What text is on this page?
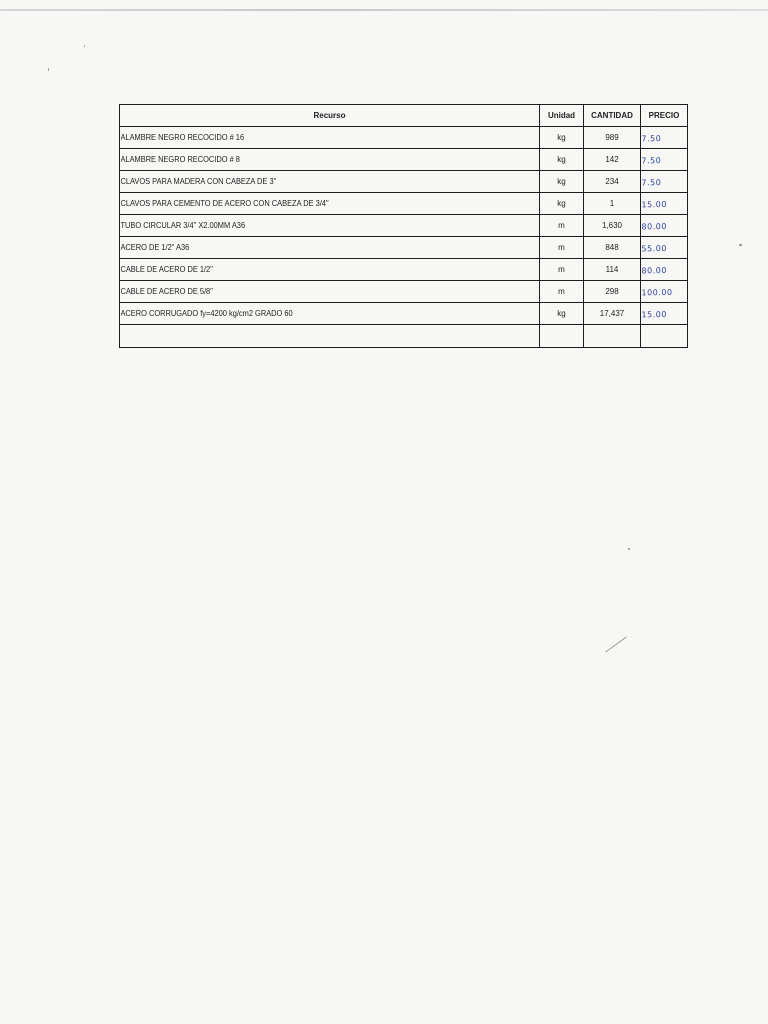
Recurso	Unidad	CANTIDAD	PRECIO
ALAMBRE NEGRO RECOCIDO # 16	kg	989	7.50
ALAMBRE NEGRO RECOCIDO # 8	kg	142	7.50
CLAVOS PARA MADERA CON CABEZA DE 3"	kg	234	7.50
CLAVOS PARA CEMENTO DE ACERO CON CABEZA DE 3/4"	kg	1	15.00
TUBO CIRCULAR 3/4" X2.00MM A36	m	1,630	80.00
ACERO DE 1/2" A36	m	848	55.00
CABLE DE ACERO DE 1/2"	m	114	80.00
CABLE DE ACERO DE 5/8"	m	298	100.00
ACERO CORRUGADO fy=4200 kg/cm2 GRADO 60	kg	17,437	15.00
